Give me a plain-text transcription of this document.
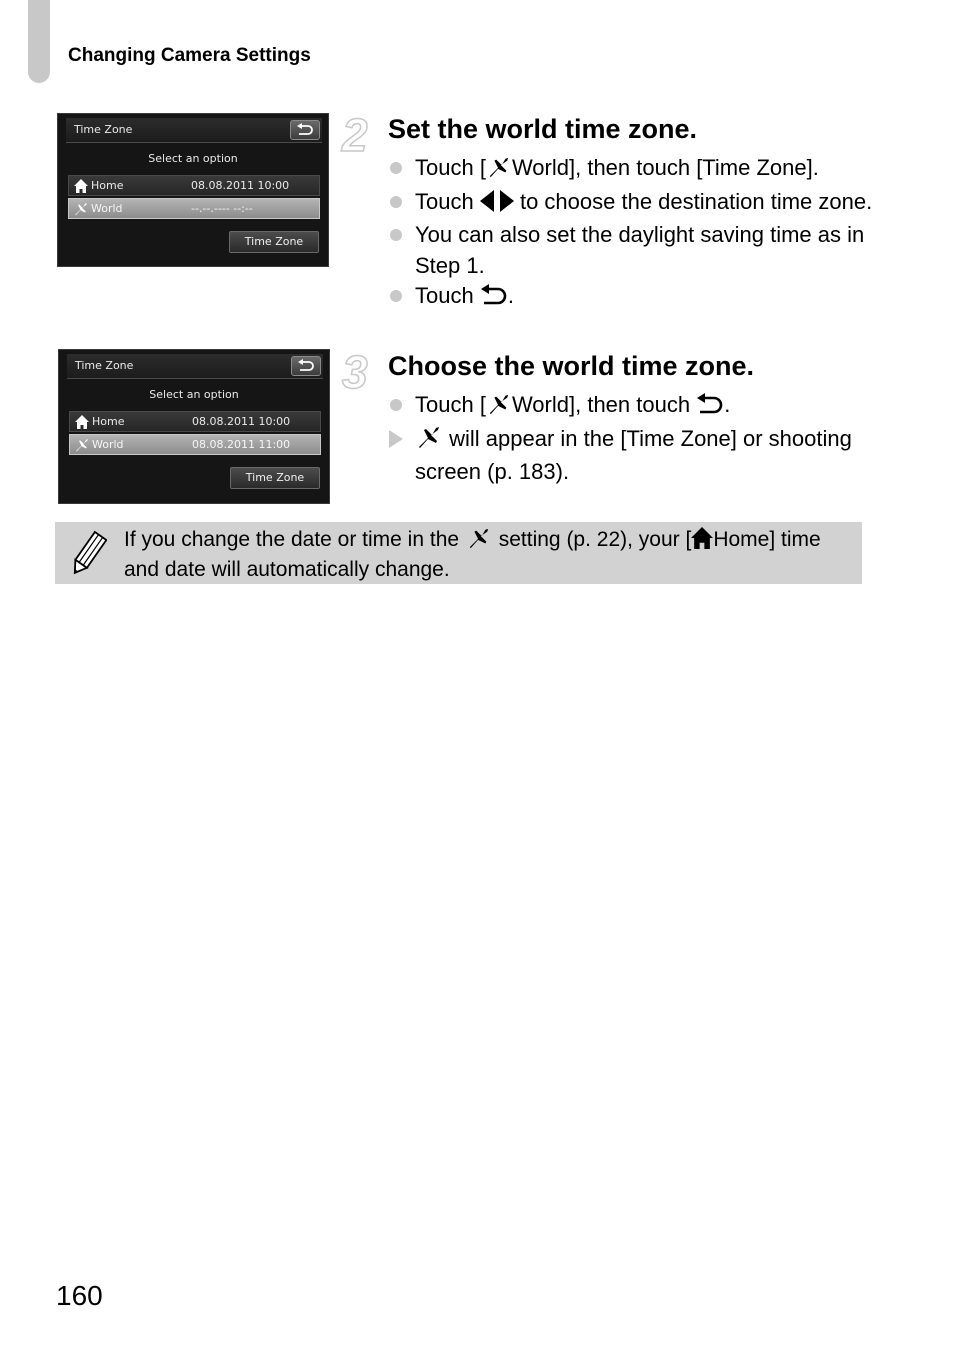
Changing Camera Settings
Time Zone
Select an option
Home	08.08.2011 10:00
World	--.--.---- --:--
Time Zone
Time Zone
Select an option
Home	08.08.2011 10:00
World	08.08.2011 11:00
Time Zone
2 Set the world time zone.
Touch [ World], then touch [Time Zone].
Touch to choose the destination time zone.
You can also set the daylight saving time as in Step 1.
Touch .
3 Choose the world time zone.
Touch [ World], then touch .
will appear in the [Time Zone] or shooting screen (p. 183).
If you change the date or time in the setting (p. 22), your [ Home] time and date will automatically change.
160
